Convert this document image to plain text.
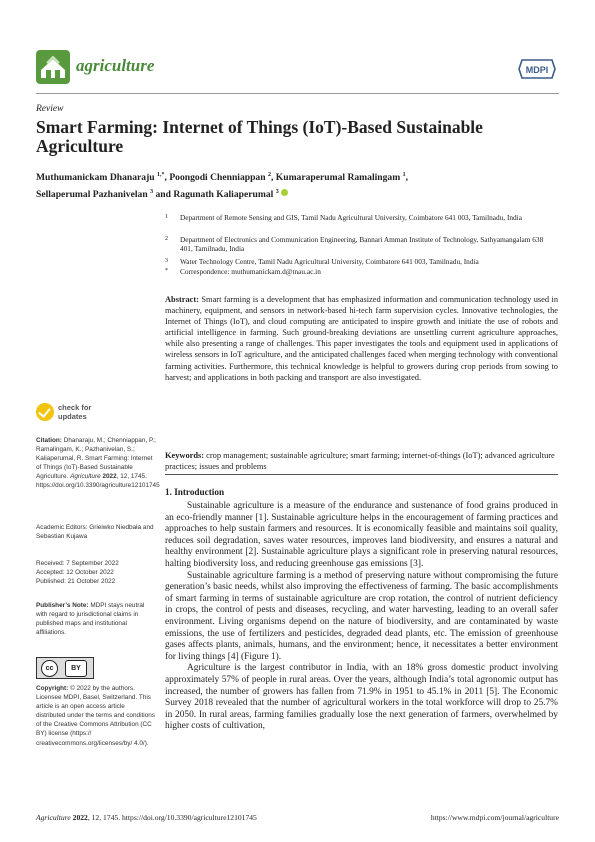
agriculture	MDPI
Review
Smart Farming: Internet of Things (IoT)-Based Sustainable Agriculture
Muthumanickam Dhanaraju $^{1,*}$, Poongodi Chenniappan $^2$, Kumaraperumal Ramalingam $^1$,
Sellaperumal Pazhanivelan $^3$ and Ragunath Kaliaperumal $^3$
1 Department of Remote Sensing and GIS, Tamil Nadu Agricultural University, Coimbatore 641 003, Tamilnadu, India
2 Department of Electronics and Communication Engineering, Bannari Amman Institute of Technology, Sathyamangalam 638 401, Tamilnadu, India
3 Water Technology Centre, Tamil Nadu Agricultural University, Coimbatore 641 003, Tamilnadu, India
* Correspondence: muthumanickam.d@tnau.ac.in
Abstract: Smart farming is a development that has emphasized information and communication technology used in machinery, equipment, and sensors in network-based hi-tech farm supervision cycles. Innovative technologies, the Internet of Things (IoT), and cloud computing are anticipated to inspire growth and initiate the use of robots and artificial intelligence in farming. Such ground-breaking deviations are unsettling current agriculture approaches, while also presenting a range of challenges. This paper investigates the tools and equipment used in applications of wireless sensors in IoT agriculture, and the anticipated challenges faced when merging technology with conventional farming activities. Furthermore, this technical knowledge is helpful to growers during crop periods from sowing to harvest; and applications in both packing and transport are also investigated.
Keywords: crop management; sustainable agriculture; smart farming; internet-of-things (IoT); advanced agriculture practices; issues and problems
check for
updates
Citation: Dhanaraju, M.; Chenniappan, P.; Ramalingam, K.; Pazhanivelan, S.; Kaliaperumal, R. Smart Farming: Internet of Things (IoT)-Based Sustainable Agriculture. Agriculture 2022, 12, 1745. https://doi.org/10.3390/agriculture12101745
Academic Editors: Grieiwko Niedbała and Sebastian Kujawa
Received: 7 September 2022
Accepted: 12 October 2022
Published: 21 October 2022
Publisher’s Note: MDPI stays neutral with regard to jurisdictional claims in published maps and institutional affiliations.
cc	BY
Copyright: © 2022 by the authors. Licensee MDPI, Basel, Switzerland. This article is an open access article distributed under the terms and conditions of the Creative Commons Attribution (CC BY) license (https:// creativecommons.org/licenses/by/ 4.0/).
1. Introduction

Sustainable agriculture is a measure of the endurance and sustenance of food grains produced in an eco-friendly manner [1]. Sustainable agriculture helps in the encouragement of farming practices and approaches to help sustain farmers and resources. It is economically feasible and maintains soil quality, reduces soil degradation, saves water resources, improves land biodiversity, and ensures a natural and healthy environment [2]. Sustainable agriculture plays a significant role in preserving natural resources, halting biodiversity loss, and reducing greenhouse gas emissions [3].

Sustainable agriculture farming is a method of preserving nature without compromising the future generation’s basic needs, whilst also improving the effectiveness of farming. The basic accomplishments of smart farming in terms of sustainable agriculture are crop rotation, the control of nutrient deficiency in crops, the control of pests and diseases, recycling, and water harvesting, leading to an overall safer environment. Living organisms depend on the nature of biodiversity, and are contaminated by waste emissions, the use of fertilizers and pesticides, degraded dead plants, etc. The emission of greenhouse gases affects plants, animals, humans, and the environment; hence, it necessitates a better environment for living things [4] (Figure 1).

Agriculture is the largest contributor in India, with an 18% gross domestic product involving approximately 57% of people in rural areas. Over the years, although India’s total agronomic output has increased, the number of growers has fallen from 71.9% in 1951 to 45.1% in 2011 [5]. The Economic Survey 2018 revealed that the number of agricultural workers in the total workforce will drop to 25.7% in 2050. In rural areas, farming families gradually lose the next generation of farmers, overwhelmed by higher costs of cultivation,

Agriculture 2022, 12, 1745. https://doi.org/10.3390/agriculture12101745	https://www.mdpi.com/journal/agriculture
